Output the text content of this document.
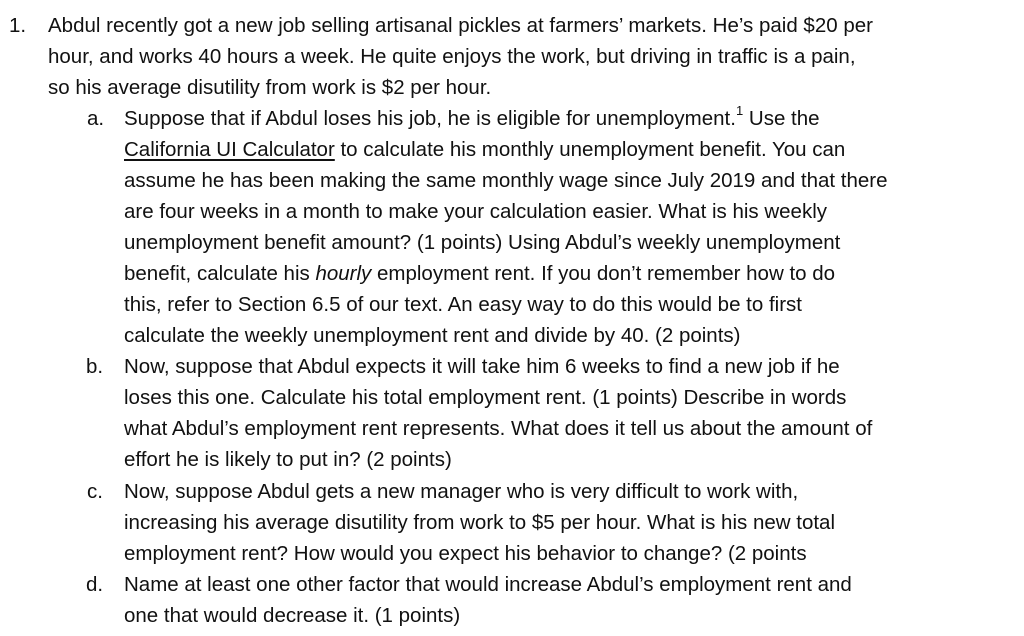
1. Abdul recently got a new job selling artisanal pickles at farmers’ markets. He’s paid $20 per
hour, and works 40 hours a week. He quite enjoys the work, but driving in traffic is a pain,
so his average disutility from work is $2 per hour.
a. Suppose that if Abdul loses his job, he is eligible for unemployment.$^1$ Use the
California UI Calculator to calculate his monthly unemployment benefit. You can
assume he has been making the same monthly wage since July 2019 and that there
are four weeks in a month to make your calculation easier. What is his weekly
unemployment benefit amount? (1 points) Using Abdul’s weekly unemployment
benefit, calculate his hourly employment rent. If you don’t remember how to do
this, refer to Section 6.5 of our text. An easy way to do this would be to first
calculate the weekly unemployment rent and divide by 40. (2 points)
b. Now, suppose that Abdul expects it will take him 6 weeks to find a new job if he
loses this one. Calculate his total employment rent. (1 points) Describe in words
what Abdul’s employment rent represents. What does it tell us about the amount of
effort he is likely to put in? (2 points)
c. Now, suppose Abdul gets a new manager who is very difficult to work with,
increasing his average disutility from work to $5 per hour. What is his new total
employment rent? How would you expect his behavior to change? (2 points
d. Name at least one other factor that would increase Abdul’s employment rent and
one that would decrease it. (1 points)
